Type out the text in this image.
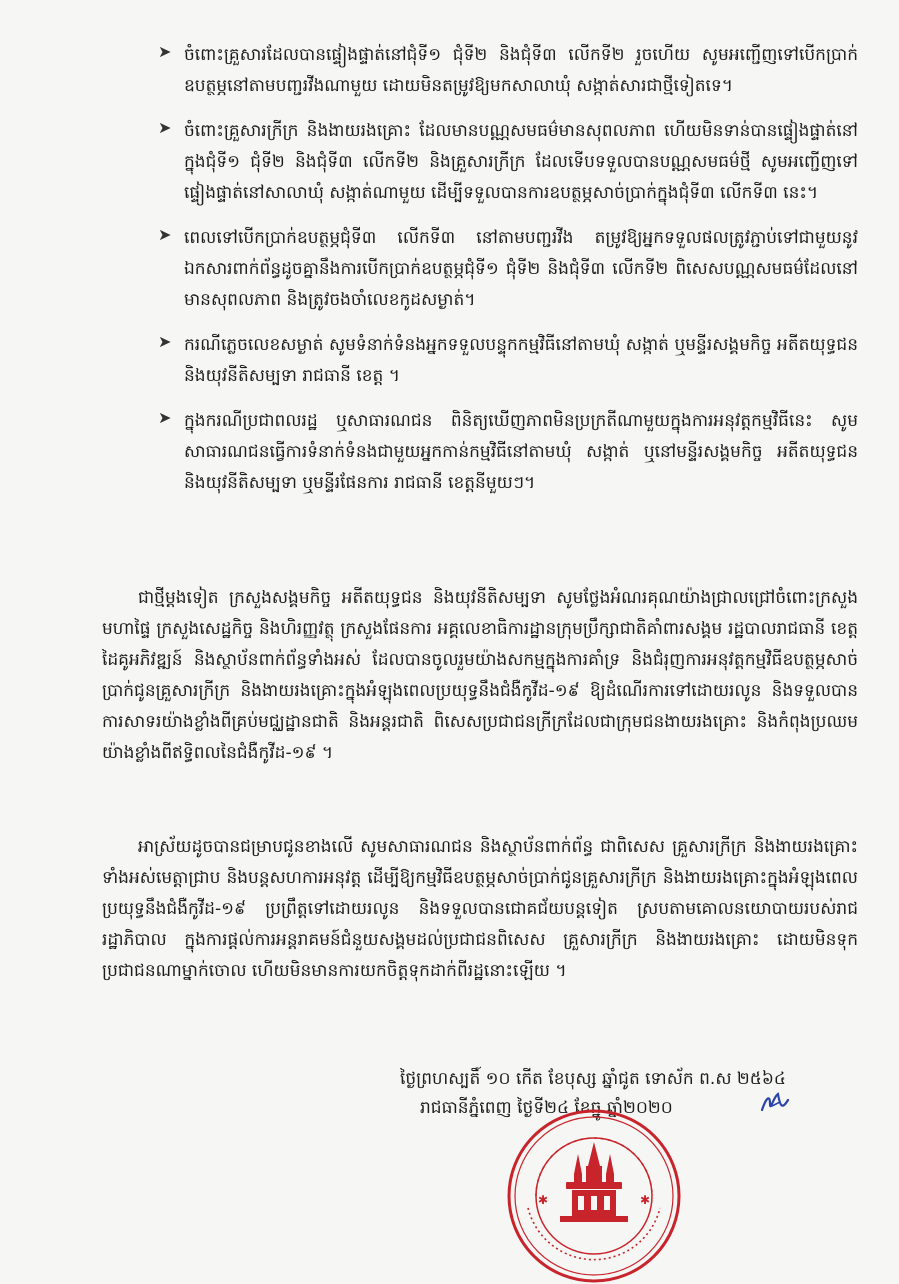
➤ ចំពោះគ្រួសារដែលបានផ្ទៀងផ្ទាត់នៅជុំទី១ ជុំទី២ និងជុំទី៣ លើកទី២ រួចហើយ សូមអញ្ជើញទៅបើកប្រាក់ឧបត្ថម្ភនៅតាមបញ្ជរវីងណាមួយ ដោយមិនតម្រូវឱ្យមកសាលាឃុំ សង្កាត់សារជាថ្មីទៀតទេ។
➤ ចំពោះគ្រួសារក្រីក្រ និងងាយរងគ្រោះ ដែលមានបណ្ណសមធម៌មានសុពលភាព ហើយមិនទាន់បានផ្ទៀងផ្ទាត់នៅក្នុងជុំទី១ ជុំទី២ និងជុំទី៣ លើកទី២ និងគ្រួសារក្រីក្រ ដែលទើបទទួលបានបណ្ណសមធម៌ថ្មី សូមអញ្ជើញទៅផ្ទៀងផ្ទាត់នៅសាលាឃុំ សង្កាត់ណាមួយ ដើម្បីទទួលបានការឧបត្ថម្ភសាច់ប្រាក់ក្នុងជុំទី៣ លើកទី៣ នេះ។
➤ ពេលទៅបើកប្រាក់ឧបត្ថម្ភជុំទី៣ លើកទី៣ នៅតាមបញ្ជរវីង តម្រូវឱ្យអ្នកទទួលផលត្រូវភ្ជាប់ទៅជាមួយនូវឯកសារពាក់ព័ន្ធដូចគ្នានឹងការបើកប្រាក់ឧបត្ថម្ភជុំទី១ ជុំទី២ និងជុំទី៣ លើកទី២ ពិសេសបណ្ណសមធម៌ដែលនៅមានសុពលភាព និងត្រូវចងចាំលេខកូដសម្ងាត់។
➤ ករណីភ្លេចលេខសម្ងាត់ សូមទំនាក់ទំនងអ្នកទទួលបន្ទុកកម្មវិធីនៅតាមឃុំ សង្កាត់ ឬមន្ទីរសង្គមកិច្ច អតីតយុទ្ធជន និងយុវនីតិសម្បទា រាជធានី ខេត្ត ។
➤ ក្នុងករណីប្រជាពលរដ្ឋ ឬសាធារណជន ពិនិត្យឃើញភាពមិនប្រក្រតីណាមួយក្នុងការអនុវត្តកម្មវិធីនេះ សូមសាធារណជនធ្វើការទំនាក់ទំនងជាមួយអ្នកកាន់កម្មវិធីនៅតាមឃុំ សង្កាត់ ឬនៅមន្ទីរសង្គមកិច្ច អតីតយុទ្ធជន និងយុវនីតិសម្បទា ឬមន្ទីរផែនការ រាជធានី ខេត្តនីមួយៗ។
ជាថ្មីម្តងទៀត ក្រសួងសង្គមកិច្ច អតីតយុទ្ធជន និងយុវនីតិសម្បទា សូមថ្លែងអំណរគុណយ៉ាងជ្រាលជ្រៅចំពោះក្រសួងមហាផ្ទៃ ក្រសួងសេដ្ឋកិច្ច និងហិរញ្ញវត្ថុ ក្រសួងផែនការ អគ្គលេខាធិការដ្ឋានក្រុមប្រឹក្សាជាតិគាំពារសង្គម រដ្ឋបាលរាជធានី ខេត្ត ដៃគូអភិវឌ្ឍន៍ និងស្ថាប័នពាក់ព័ន្ធទាំងអស់ ដែលបានចូលរួមយ៉ាងសកម្មក្នុងការគាំទ្រ និងជំរុញការអនុវត្តកម្មវិធីឧបត្ថម្ភសាច់ប្រាក់ជូនគ្រួសារក្រីក្រ និងងាយរងគ្រោះក្នុងអំឡុងពេលប្រយុទ្ធនឹងជំងឺកូវីដ-១៩ ឱ្យដំណើរការទៅដោយរលូន និងទទួលបានការសាទរយ៉ាងខ្លាំងពីគ្រប់មជ្ឈដ្ឋានជាតិ និងអន្តរជាតិ ពិសេសប្រជាជនក្រីក្រដែលជាក្រុមជនងាយរងគ្រោះ និងកំពុងប្រឈមយ៉ាងខ្លាំងពីឥទ្ធិពលនៃជំងឺកូវីដ-១៩ ។
អាស្រ័យដូចបានជម្រាបជូនខាងលើ សូមសាធារណជន និងស្ថាប័នពាក់ព័ន្ធ ជាពិសេស គ្រួសារក្រីក្រ និងងាយរងគ្រោះ ទាំងអស់មេត្តាជ្រាប និងបន្តសហការអនុវត្ត ដើម្បីឱ្យកម្មវិធីឧបត្ថម្ភសាច់ប្រាក់ជូនគ្រួសារក្រីក្រ និងងាយរងគ្រោះក្នុងអំឡុងពេលប្រយុទ្ធនឹងជំងឺកូវីដ-១៩ ប្រព្រឹត្តទៅដោយរលូន និងទទួលបានជោគជ័យបន្តទៀត ស្របតាមគោលនយោបាយរបស់រាជរដ្ឋាភិបាល ក្នុងការផ្តល់ការអន្តរាគមន៍ជំនួយសង្គមដល់ប្រជាជនពិសេស គ្រួសារក្រីក្រ និងងាយរងគ្រោះ ដោយមិនទុកប្រជាជនណាម្នាក់ចោល ហើយមិនមានការយកចិត្តទុកដាក់ពីរដ្ឋនោះឡើយ ។
ថ្ងៃព្រហស្បតិ៍ ១០ កើត ខែបុស្ស ឆ្នាំជូត ទោស័ក ព.ស ២៥៦៤
រាជធានីភ្នំពេញ ថ្ងៃទី២៤ ខែធ្នូ ឆ្នាំ២០២០
✱	✱
